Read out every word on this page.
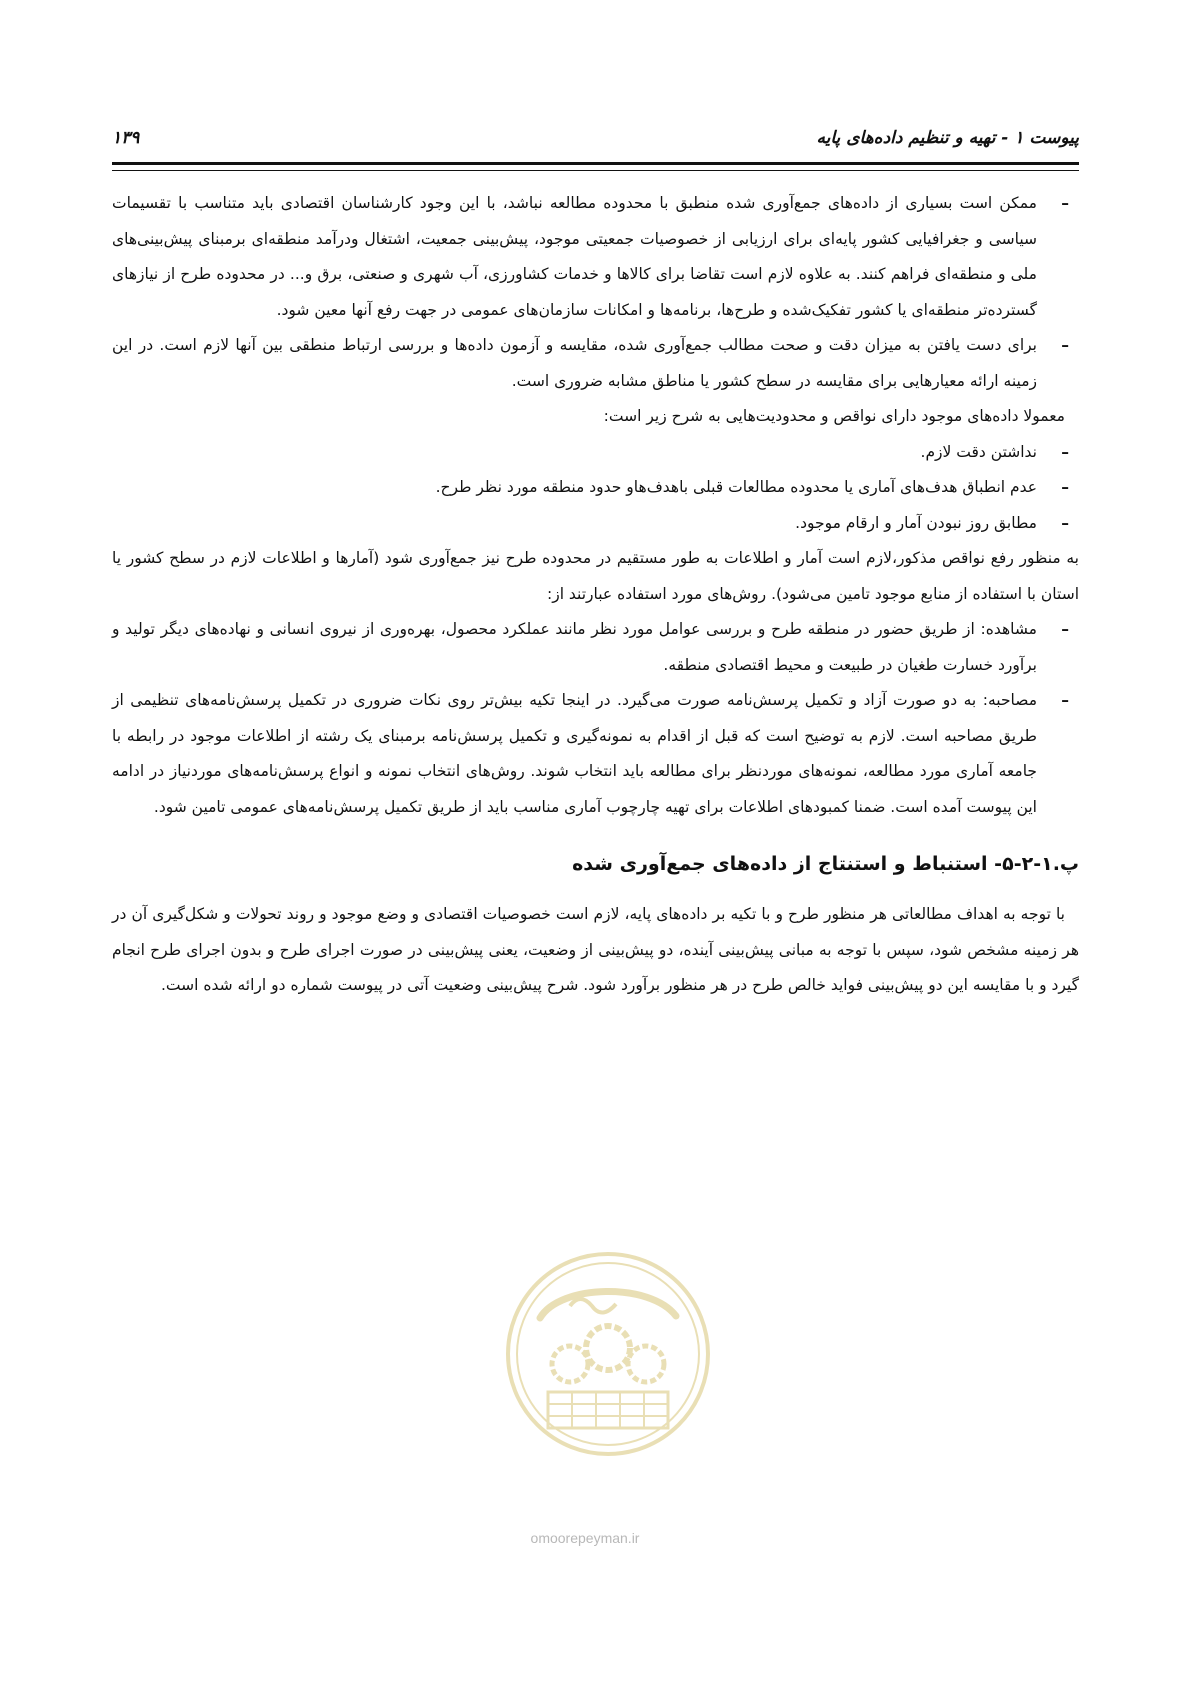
پیوست ۱ - تهیه و تنظیم داده‌های پایه
۱۳۹

–
ممکن است بسیاری از داده‌های جمع‌آوری شده منطبق با محدوده مطالعه نباشد، با این وجود کارشناسان اقتصادی باید متناسب با تقسیمات سیاسی و جغرافیایی کشور پایه‌ای برای ارزیابی از خصوصیات جمعیتی موجود، پیش‌بینی جمعیت، اشتغال ودرآمد منطقه‌ای برمبنای پیش‌بینی‌های ملی و منطقه‌ای فراهم کنند. به علاوه لازم است تقاضا برای کالاها و خدمات کشاورزی، آب شهری و صنعتی، برق و... در محدوده طرح از نیازهای گسترده‌تر منطقه‌ای یا کشور تفکیک‌شده و طرح‌ها، برنامه‌ها و امکانات سازمان‌های عمومی در جهت رفع آنها معین شود.

–
برای دست یافتن به میزان دقت و صحت مطالب جمع‌آوری شده، مقایسه و آزمون داده‌ها و بررسی ارتباط منطقی بین آنها لازم است. در این زمینه ارائه معیارهایی برای مقایسه در سطح کشور یا مناطق مشابه ضروری است.

معمولا داده‌های موجود دارای نواقص و محدودیت‌هایی به شرح زیر است:

–
نداشتن دقت لازم.

–
عدم انطباق هدف‌های آماری یا محدوده مطالعات قبلی باهدف‌هاو حدود منطقه مورد نظر طرح.

–
مطابق روز نبودن آمار و ارقام موجود.

به منظور رفع نواقص مذکور،لازم است آمار و اطلاعات به طور مستقیم در محدوده طرح نیز جمع‌آوری شود (آمارها و اطلاعات لازم در سطح کشور یا استان با استفاده از منابع موجود تامین می‌شود). روش‌های مورد استفاده عبارتند از:

–
مشاهده: از طریق حضور در منطقه طرح و بررسی عوامل مورد نظر مانند عملکرد محصول، بهره‌وری از نیروی انسانی و نهاده‌های دیگر تولید و برآورد خسارت طغیان در طبیعت و محیط اقتصادی منطقه.

–
مصاحبه: به دو صورت آزاد و تکمیل پرسش‌نامه صورت می‌گیرد. در اینجا تکیه بیش‌تر روی نکات ضروری در تکمیل پرسش‌نامه‌های تنظیمی از طریق مصاحبه است. لازم به توضیح است که قبل از اقدام به نمونه‌گیری و تکمیل پرسش‌نامه برمبنای یک رشته از اطلاعات موجود در رابطه با جامعه آماری مورد مطالعه، نمونه‌های موردنظر برای مطالعه باید انتخاب شوند. روش‌های انتخاب نمونه و انواع پرسش‌نامه‌های موردنیاز در ادامه این پیوست آمده است. ضمنا کمبودهای اطلاعات برای تهیه چارچوب آماری مناسب باید از طریق تکمیل پرسش‌نامه‌های عمومی تامین شود.

پ.۱-۲-۵- استنباط و استنتاج از داده‌های جمع‌آوری شده

با توجه به اهداف مطالعاتی هر منظور طرح و با تکیه بر داده‌های پایه، لازم است خصوصیات اقتصادی و وضع موجود و روند تحولات و شکل‌گیری آن در هر زمینه مشخص شود، سپس با توجه به مبانی پیش‌بینی آینده، دو پیش‌بینی از وضعیت، یعنی پیش‌بینی در صورت اجرای طرح و بدون اجرای طرح انجام گیرد و با مقایسه این دو پیش‌بینی فواید خالص طرح در هر منظور برآورد شود. شرح پیش‌بینی وضعیت آتی در پیوست شماره دو ارائه شده است.

omoorepeyman.ir
